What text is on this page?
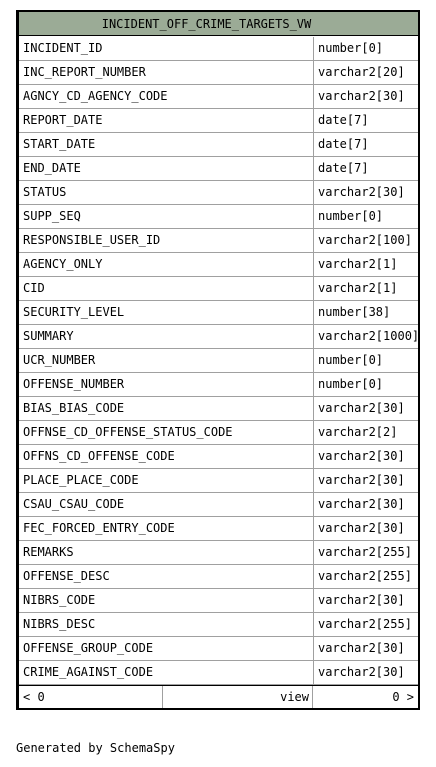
INCIDENT_OFF_CRIME_TARGETS_VW
INCIDENT_ID	number[0]
INC_REPORT_NUMBER	varchar2[20]
AGNCY_CD_AGENCY_CODE	varchar2[30]
REPORT_DATE	date[7]
START_DATE	date[7]
END_DATE	date[7]
STATUS	varchar2[30]
SUPP_SEQ	number[0]
RESPONSIBLE_USER_ID	varchar2[100]
AGENCY_ONLY	varchar2[1]
CID	varchar2[1]
SECURITY_LEVEL	number[38]
SUMMARY	varchar2[1000]
UCR_NUMBER	number[0]
OFFENSE_NUMBER	number[0]
BIAS_BIAS_CODE	varchar2[30]
OFFNSE_CD_OFFENSE_STATUS_CODE	varchar2[2]
OFFNS_CD_OFFENSE_CODE	varchar2[30]
PLACE_PLACE_CODE	varchar2[30]
CSAU_CSAU_CODE	varchar2[30]
FEC_FORCED_ENTRY_CODE	varchar2[30]
REMARKS	varchar2[255]
OFFENSE_DESC	varchar2[255]
NIBRS_CODE	varchar2[30]
NIBRS_DESC	varchar2[255]
OFFENSE_GROUP_CODE	varchar2[30]
CRIME_AGAINST_CODE	varchar2[30]
< 0	view	0 >
Generated by SchemaSpy
